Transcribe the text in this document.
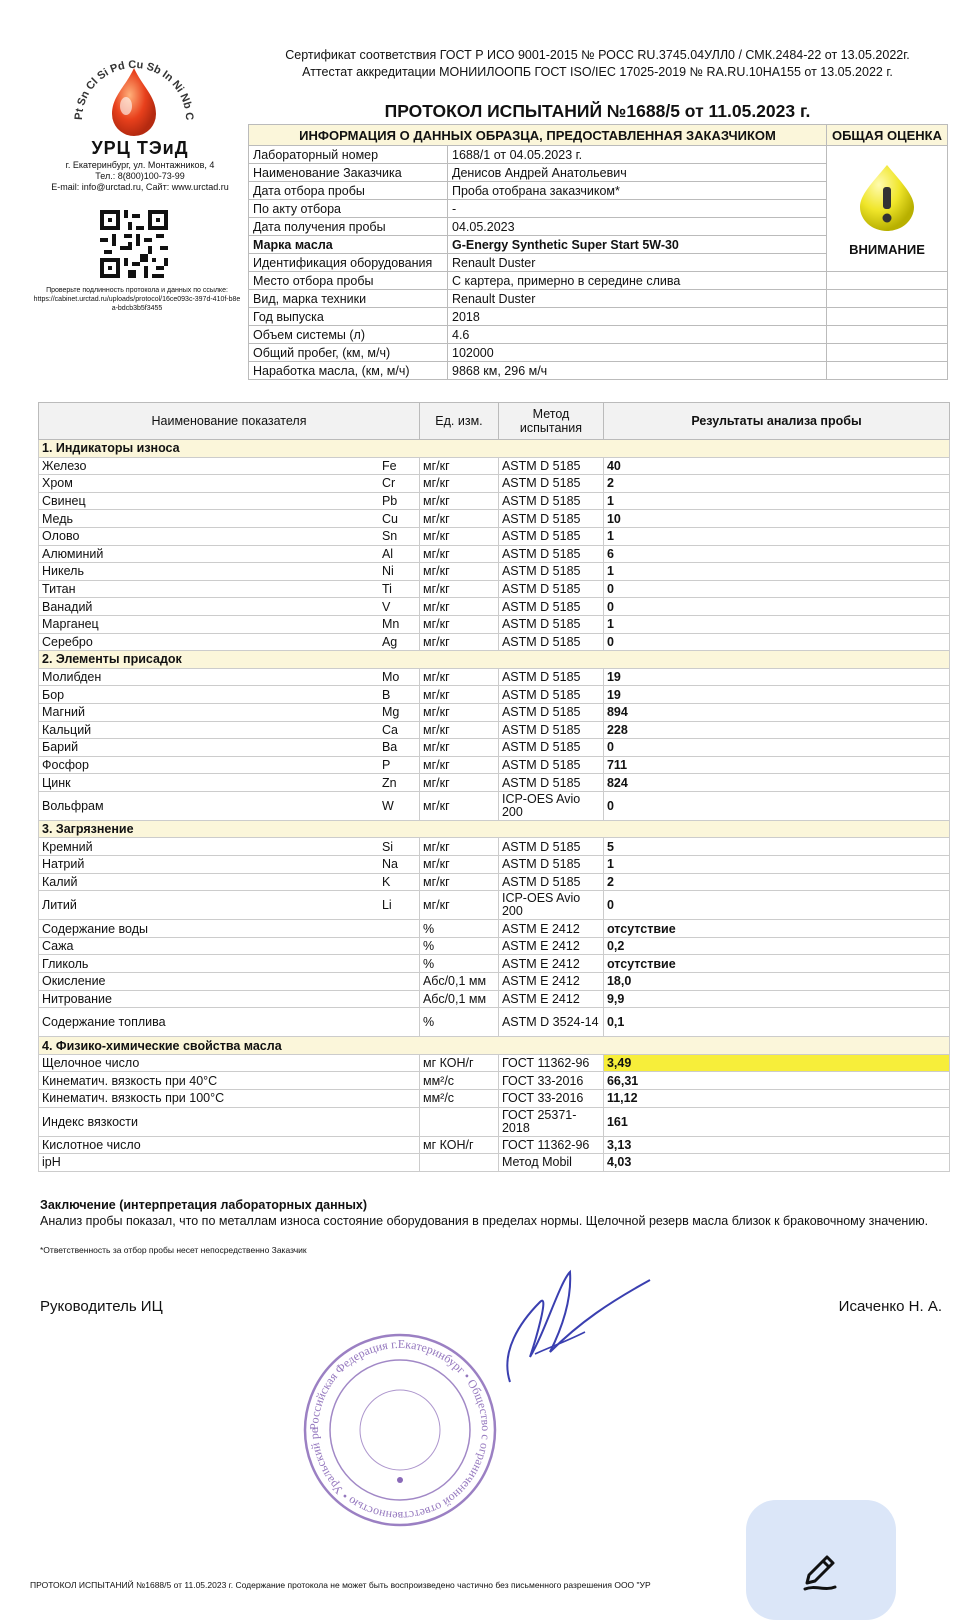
Pt Sn Cl Si Pd Cu Sb In Ni Nb C
УРЦ ТЭиД
г. Екатеринбург, ул. Монтажников, 4
Тел.: 8(800)100-73-99
E-mail: info@urctad.ru, Сайт: www.urctad.ru
Проверьте подлинность протокола и данных по ссылке:
https://cabinet.urctad.ru/uploads/protocol/16ce093c-397d-410f-b8ea-bdcb3b5f3455
Сертификат соответствия ГОСТ Р ИСО 9001-2015 № РОСС RU.3745.04УЛЛ0 / СМК.2484-22 от 13.05.2022г.
Аттестат аккредитации МОНИИЛООПБ ГОСТ ISO/IEC 17025-2019 № RA.RU.10НА155 от 13.05.2022 г.
ПРОТОКОЛ ИСПЫТАНИЙ №1688/5 от 11.05.2023 г.
ИНФОРМАЦИЯ О ДАННЫХ ОБРАЗЦА, ПРЕДОСТАВЛЕННАЯ ЗАКАЗЧИКОМ		ОБЩАЯ ОЦЕНКА
Лабораторный номер	1688/1 от 04.05.2023 г.	ВНИМАНИЕ

Наименование Заказчика	Денисов Андрей Анатольевич	
Дата отбора пробы	Проба отобрана заказчиком*	
По акту отбора	-	
Дата получения пробы	04.05.2023	
Марка масла	G-Energy Synthetic Super Start 5W-30	
Идентификация оборудования	Renault Duster	
Место отбора пробы	С картера, примерно в середине слива	
Вид, марка техники	Renault Duster	
Год выпуска	2018	
Объем системы (л)	4.6	
Общий пробег, (км, м/ч)	102000	
Наработка масла, (км, м/ч)	9868 км, 296 м/ч	
Наименование показателя		Ед. изм.	Метод испытания	Результаты анализа пробы
1. Индикаторы износа				
Железо	Fe	мг/кг	ASTM D 5185	40
Хром	Cr	мг/кг	ASTM D 5185	2
Свинец	Pb	мг/кг	ASTM D 5185	1
Медь	Cu	мг/кг	ASTM D 5185	10
Олово	Sn	мг/кг	ASTM D 5185	1
Алюминий	Al	мг/кг	ASTM D 5185	6
Никель	Ni	мг/кг	ASTM D 5185	1
Титан	Ti	мг/кг	ASTM D 5185	0
Ванадий	V	мг/кг	ASTM D 5185	0
Марганец	Mn	мг/кг	ASTM D 5185	1
Серебро	Ag	мг/кг	ASTM D 5185	0
2. Элементы присадок				
Молибден	Mo	мг/кг	ASTM D 5185	19
Бор	B	мг/кг	ASTM D 5185	19
Магний	Mg	мг/кг	ASTM D 5185	894
Кальций	Ca	мг/кг	ASTM D 5185	228
Барий	Ba	мг/кг	ASTM D 5185	0
Фосфор	P	мг/кг	ASTM D 5185	711
Цинк	Zn	мг/кг	ASTM D 5185	824
Вольфрам	W	мг/кг	ICP-OES Avio 200	0
3. Загрязнение				
Кремний	Si	мг/кг	ASTM D 5185	5
Натрий	Na	мг/кг	ASTM D 5185	1
Калий	K	мг/кг	ASTM D 5185	2
Литий	Li	мг/кг	ICP-OES Avio 200	0
Содержание воды		%	ASTM E 2412	отсутствие
Сажа		%	ASTM E 2412	0,2
Гликоль		%	ASTM E 2412	отсутствие
Окисление		Абс/0,1 мм	ASTM E 2412	18,0
Нитрование		Абс/0,1 мм	ASTM E 2412	9,9
Содержание топлива		%	ASTM D 3524-14	0,1
4. Физико-химические свойства масла				
Щелочное число		мг КОН/г	ГОСТ 11362-96	3,49
Кинематич. вязкость при 40°С		мм²/с	ГОСТ 33-2016	66,31
Кинематич. вязкость при 100°С		мм²/с	ГОСТ 33-2016	11,12
Индекс вязкости			ГОСТ 25371-2018	161
Кислотное число		мг КОН/г	ГОСТ 11362-96	3,13
ipH			Метод Mobil	4,03
Заключение (интерпретация лабораторных данных)
Анализ пробы показал, что по металлам износа состояние оборудования в пределах нормы. Щелочной резерв масла близок к браковочному значению.
*Ответственность за отбор пробы несет непосредственно Заказчик
Руководитель ИЦ	Исаченко Н. А.
Российская Федерация г.Екатеринбург • Общество с ограниченной ответственностью • Уральский ре
ПРОТОКОЛ ИСПЫТАНИЙ №1688/5 от 11.05.2023 г. Содержание протокола не может быть воспроизведено частично без письменного разрешения ООО "УР
